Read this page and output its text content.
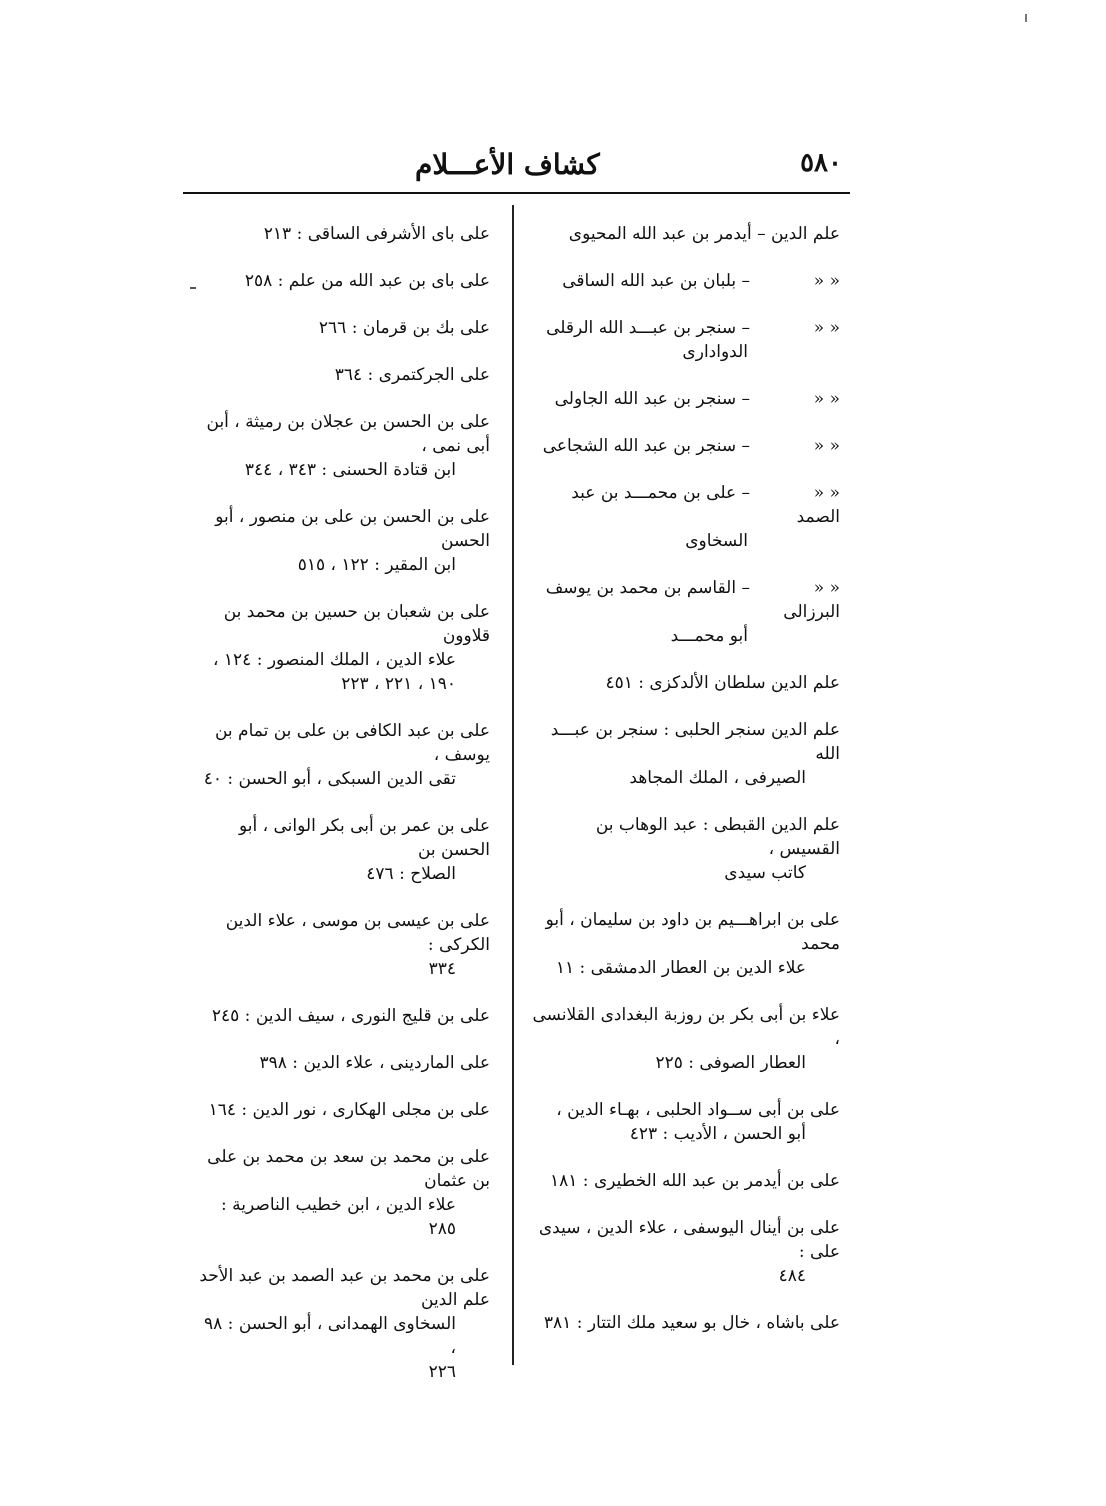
٥٨٠
كشاف الأعـــلام
علم الدين – أيدمر بن عبد الله المحيوى
« «– بلبان بن عبد الله الساقى
« «– سنجر بن عبـــد الله الرقلى
الدوادارى
« «– سنجر بن عبد الله الجاولى
« «– سنجر بن عبد الله الشجاعى
« «– على بن محمـــد بن عبد الصمد
السخاوى
« «– القاسم بن محمد بن يوسف البرزالى
أبو محمـــد
علم الدين سلطان الألدكزى : ٤٥١
علم الدين سنجر الحلبى : سنجر بن عبـــد الله
الصيرفى ، الملك المجاهد
علم الدين القبطى : عبد الوهاب بن القسيس ،
كاتب سيدى
على بن ابراهـــيم بن داود بن سليمان ، أبو محمد
علاء الدين بن العطار الدمشقى : ١١
علاء بن أبى بكر بن روزبة البغدادى القلانسى ،
العطار الصوفى : ٢٢٥
على بن أبى ســواد الحلبى ، بهـاء الدين ،
أبو الحسن ، الأديب : ٤٢٣
على بن أيدمر بن عبد الله الخطيرى : ١٨١
على بن أينال اليوسفى ، علاء الدين ، سيدى على :
٤٨٤
على باشاه ، خال بو سعيد ملك التتار : ٣٨١
على باى الأشرفى الساقى : ٢١٣
على باى بن عبد الله من علم : ٢٥٨
على بك بن قرمان : ٢٦٦
على الجركتمرى : ٣٦٤
على بن الحسن بن عجلان بن رميثة ، أبن أبى نمى ،
ابن قتادة الحسنى : ٣٤٣ ، ٣٤٤
على بن الحسن بن على بن منصور ، أبو الحسن
ابن المقير : ١٢٢ ، ٥١٥
على بن شعبان بن حسين بن محمد بن قلاوون
علاء الدين ، الملك المنصور : ١٢٤ ،
١٩٠ ، ٢٢١ ، ٢٢٣
على بن عبد الكافى بن على بن تمام بن يوسف ،
تقى الدين السبكى ، أبو الحسن : ٤٠
على بن عمر بن أبى بكر الوانى ، أبو الحسن بن
الصلاح : ٤٧٦
على بن عيسى بن موسى ، علاء الدين الكركى :
٣٣٤
على بن قليج النورى ، سيف الدين : ٢٤٥
على الماردينى ، علاء الدين : ٣٩٨
على بن مجلى الهكارى ، نور الدين : ١٦٤
على بن محمد بن سعد بن محمد بن على بن عثمان
علاء الدين ، ابن خطيب الناصرية : ٢٨٥
على بن محمد بن عبد الصمد بن عبد الأحد علم الدين
السخاوى الهمدانى ، أبو الحسن : ٩٨ ،
٢٢٦
